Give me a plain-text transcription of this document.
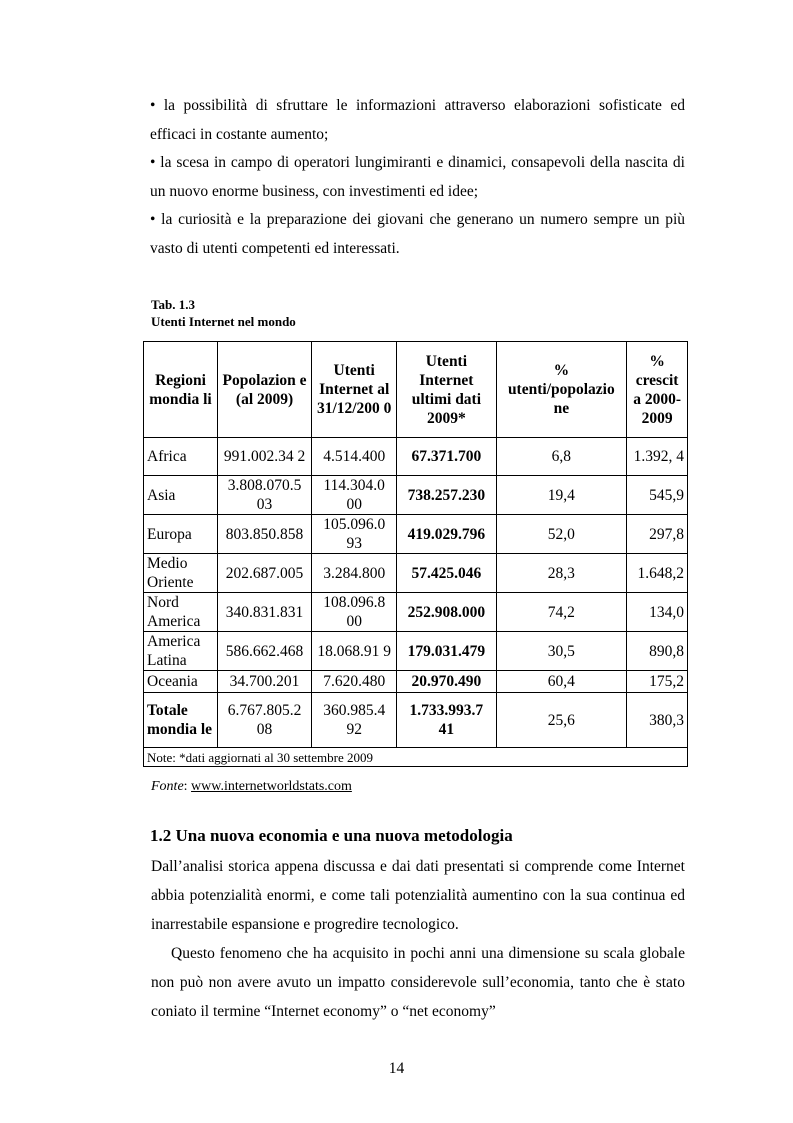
• la possibilità di sfruttare le informazioni attraverso elaborazioni sofisticate ed efficaci in costante aumento;
• la scesa in campo di operatori lungimiranti e dinamici, consapevoli della nascita di un nuovo enorme business, con investimenti ed idee;
• la curiosità e la preparazione dei giovani che generano un numero sempre un più vasto di utenti competenti ed interessati.
Tab. 1.3
Utenti Internet nel mondo
Regioni mondia li	Popolazion e (al 2009)	Utenti Internet al 31/12/200 0	Utenti Internet ultimi dati 2009*	% utenti/popolazio ne	% crescit a 2000- 2009
Africa	991.002.34 2	4.514.400	67.371.700	6,8	1.392, 4
Asia	3.808.070.5 03	114.304.0 00	738.257.230	19,4	545,9
Europa	803.850.858	105.096.0 93	419.029.796	52,0	297,8
Medio Oriente	202.687.005	3.284.800	57.425.046	28,3	1.648,2
Nord America	340.831.831	108.096.8 00	252.908.000	74,2	134,0
America Latina	586.662.468	18.068.91 9	179.031.479	30,5	890,8
Oceania	34.700.201	7.620.480	20.970.490	60,4	175,2
Totale mondia le	6.767.805.2 08	360.985.4 92	1.733.993.7 41	25,6	380,3
Note: *dati aggiornati al 30 settembre 2009					
Fonte: www.internetworldstats.com
1.2 Una nuova economia e una nuova metodologia

Dall’analisi storica appena discussa e dai dati presentati si comprende come Internet abbia potenzialità enormi, e come tali potenzialità aumentino con la sua continua ed inarrestabile espansione e progredire tecnologico.

Questo fenomeno che ha acquisito in pochi anni una dimensione su scala globale non può non avere avuto un impatto considerevole sull’economia, tanto che è stato coniato il termine “Internet economy” o “net economy”

14
